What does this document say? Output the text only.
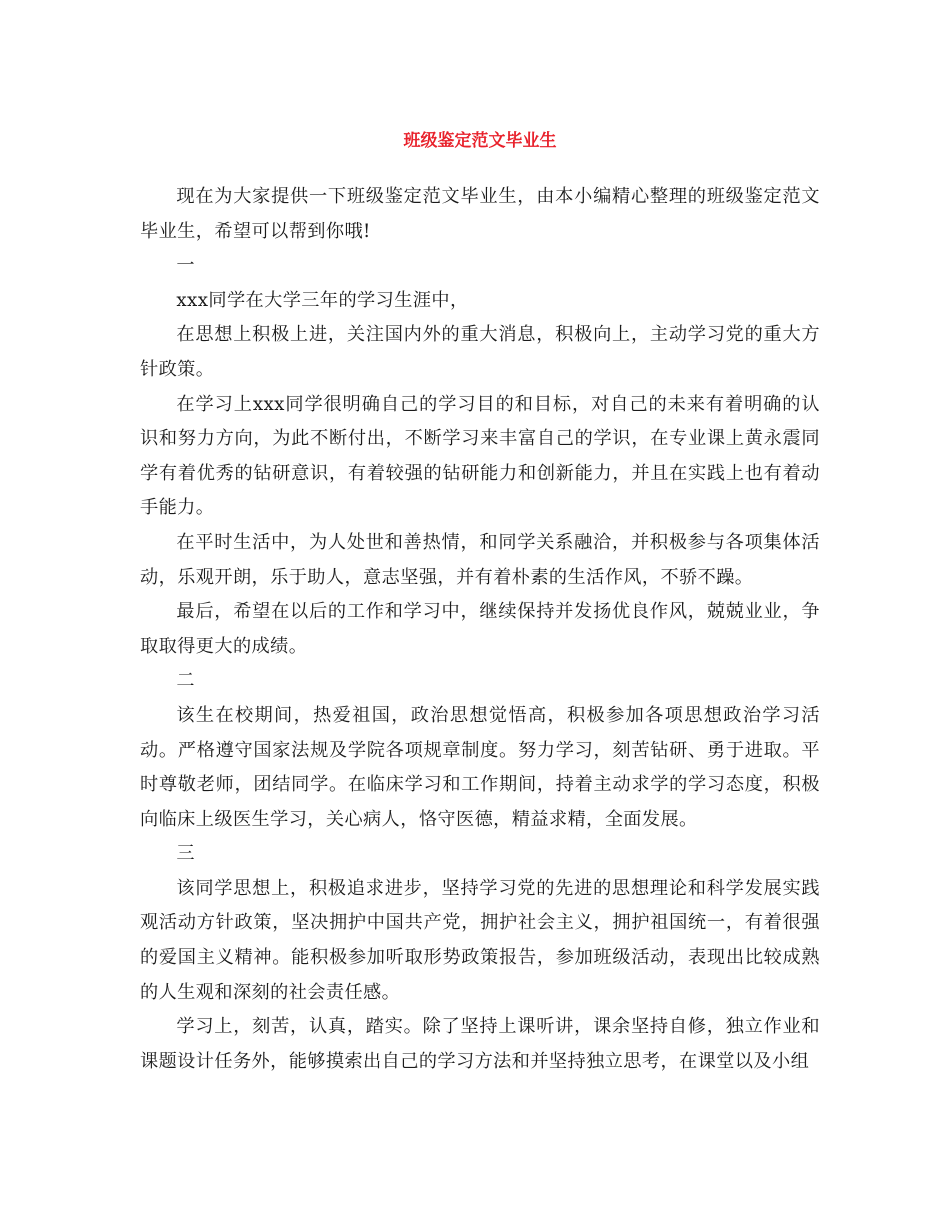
班级鉴定范文毕业生

现在为大家提供一下班级鉴定范文毕业生，由本小编精心整理的班级鉴定范文毕业生，希望可以帮到你哦!

一

xxx同学在大学三年的学习生涯中，

在思想上积极上进，关注国内外的重大消息，积极向上，主动学习党的重大方针政策。

在学习上xxx同学很明确自己的学习目的和目标，对自己的未来有着明确的认识和努力方向，为此不断付出，不断学习来丰富自己的学识，在专业课上黄永震同学有着优秀的钻研意识，有着较强的钻研能力和创新能力，并且在实践上也有着动手能力。

在平时生活中，为人处世和善热情，和同学关系融洽，并积极参与各项集体活动，乐观开朗，乐于助人，意志坚强，并有着朴素的生活作风，不骄不躁。

最后，希望在以后的工作和学习中，继续保持并发扬优良作风，兢兢业业，争取取得更大的成绩。

二

该生在校期间，热爱祖国，政治思想觉悟高，积极参加各项思想政治学习活动。严格遵守国家法规及学院各项规章制度。努力学习，刻苦钻研、勇于进取。平时尊敬老师，团结同学。在临床学习和工作期间，持着主动求学的学习态度，积极向临床上级医生学习，关心病人，恪守医德，精益求精，全面发展。

三

该同学思想上，积极追求进步，坚持学习党的先进的思想理论和科学发展实践观活动方针政策，坚决拥护中国共产党，拥护社会主义，拥护祖国统一，有着很强的爱国主义精神。能积极参加听取形势政策报告，参加班级活动，表现出比较成熟的人生观和深刻的社会责任感。

学习上，刻苦，认真，踏实。除了坚持上课听讲，课余坚持自修，独立作业和课题设计任务外，能够摸索出自己的学习方法和并坚持独立思考，在课堂以及小组
